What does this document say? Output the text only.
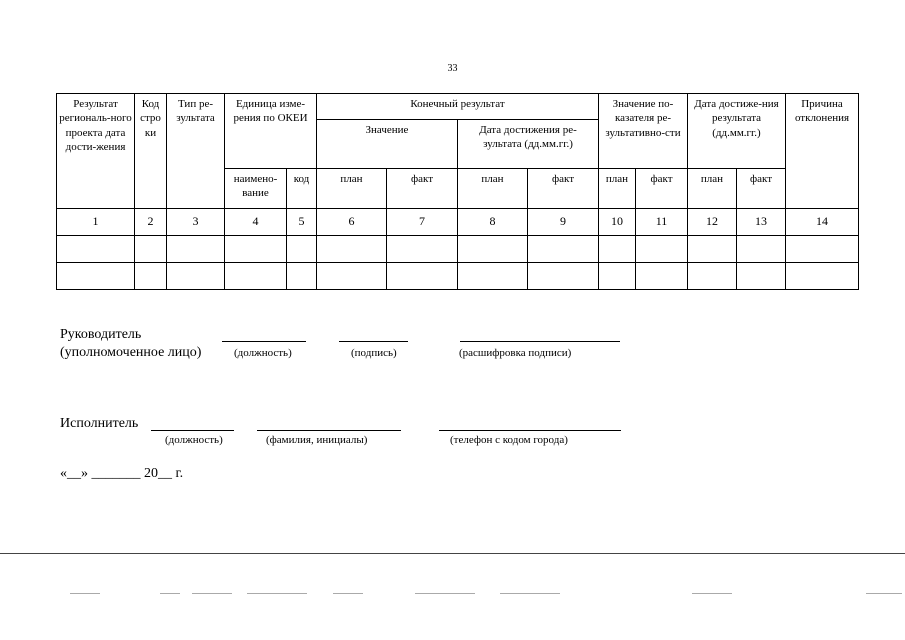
33
Результат региональ-ного проекта дата дости-жения	Код стро ки	Тип ре-зультата	Единица изме-рения по ОКЕИ		Конечный результат				Значение по-казателя ре-зультативно-сти		Дата достиже-ния результата (дд.мм.гг.)		Причина отклонения
					Значение		Дата достижения ре-зультата (дд.мм.гг.)						
			наимено-вание	код	план	факт	план	факт	план	факт	план	факт	
1	2	3	4	5	6	7	8	9	10	11	12	13	14

Руководитель
(уполномоченное лицо)	(должность)	(подпись)	(расшифровка подписи)
Исполнитель
(должность)	(фамилия, инициалы)	(телефон с кодом города)
«__» _______ 20__ г.
